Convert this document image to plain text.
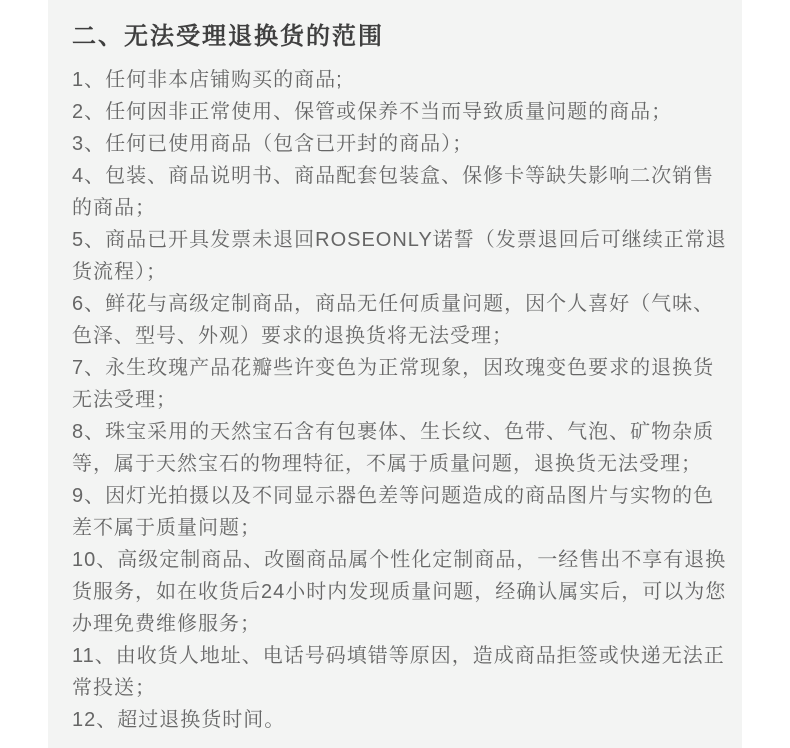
二、无法受理退换货的范围
1、任何非本店铺购买的商品;
2、任何因非正常使用、保管或保养不当而导致质量问题的商品；
3、任何已使用商品（包含已开封的商品）；
4、包装、商品说明书、商品配套包装盒、保修卡等缺失影响二次销售的商品；
5、商品已开具发票未退回ROSEONLY诺誓（发票退回后可继续正常退货流程）；
6、鲜花与高级定制商品，商品无任何质量问题，因个人喜好（气味、色泽、型号、外观）要求的退换货将无法受理；
7、永生玫瑰产品花瓣些许变色为正常现象，因玫瑰变色要求的退换货无法受理；
8、珠宝采用的天然宝石含有包裹体、生长纹、色带、气泡、矿物杂质等，属于天然宝石的物理特征，不属于质量问题，退换货无法受理；
9、因灯光拍摄以及不同显示器色差等问题造成的商品图片与实物的色差不属于质量问题；
10、高级定制商品、改圈商品属个性化定制商品，一经售出不享有退换货服务，如在收货后24小时内发现质量问题，经确认属实后，可以为您办理免费维修服务；
11、由收货人地址、电话号码填错等原因，造成商品拒签或快递无法正常投送；
12、超过退换货时间。
